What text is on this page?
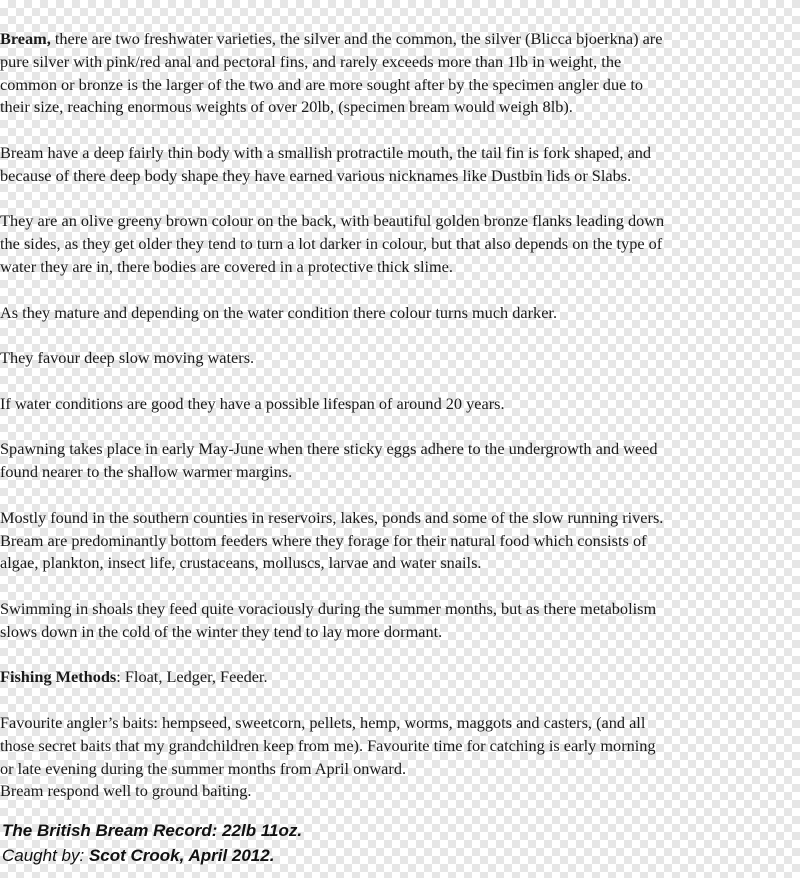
Bream, there are two freshwater varieties, the silver and the common, the silver (Blicca bjoerkna) are
pure silver with pink/red anal and pectoral fins, and rarely exceeds more than 1lb in weight, the
common or bronze is the larger of the two and are more sought after by the specimen angler due to
their size, reaching enormous weights of over 20lb, (specimen bream would weigh 8lb).

Bream have a deep fairly thin body with a smallish protractile mouth, the tail fin is fork shaped, and
because of there deep body shape they have earned various nicknames like Dustbin lids or Slabs.

They are an olive greeny brown colour on the back, with beautiful golden bronze flanks leading down
the sides, as they get older they tend to turn a lot darker in colour, but that also depends on the type of
water they are in, there bodies are covered in a protective thick slime.

As they mature and depending on the water condition there colour turns much darker.

They favour deep slow moving waters.

If water conditions are good they have a possible lifespan of around 20 years.

Spawning takes place in early May-June when there sticky eggs adhere to the undergrowth and weed
found nearer to the shallow warmer margins.

Mostly found in the southern counties in reservoirs, lakes, ponds and some of the slow running rivers.
Bream are predominantly bottom feeders where they forage for their natural food which consists of
algae, plankton, insect life, crustaceans, molluscs, larvae and water snails.

Swimming in shoals they feed quite voraciously during the summer months, but as there metabolism
slows down in the cold of the winter they tend to lay more dormant.

Fishing Methods: Float, Ledger, Feeder.

Favourite angler’s baits: hempseed, sweetcorn, pellets, hemp, worms, maggots and casters, (and all
those secret baits that my grandchildren keep from me). Favourite time for catching is early morning
or late evening during the summer months from April onward.
Bream respond well to ground baiting.

The British Bream Record: 22lb 11oz.
Caught by: Scot Crook, April 2012.
